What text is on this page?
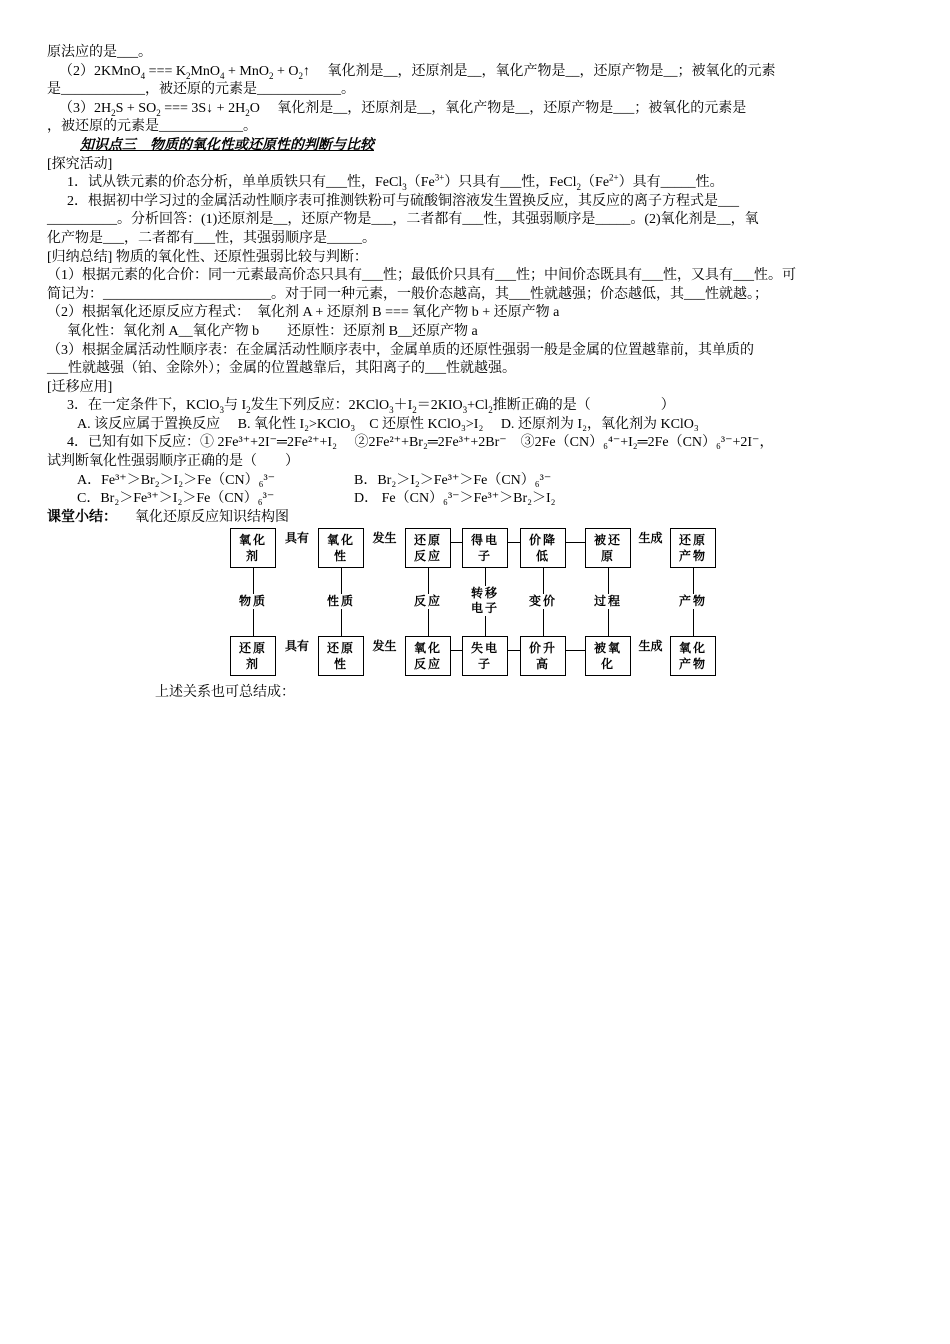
原法应的是___。
（2）2KMnO$_4$ === $K_2MnO_4 + MnO_2$ + $O_2↑$　 氧化剂是__，还原剂是__，氧化产物是__，还原产物是__；被氧化的元素
是____________，被还原的元素是____________。
$(3)2H_2S + SO_2$ === 3S↓ + $2H_2O$　 氧化剂是__，还原剂是__，氧化产物是__，还原产物是___；被氧化的元素是
，被还原的元素是____________。
知识点三　物质的氧化性或还原性的判断与比较
[探究活动]
1．试从铁元素的价态分析，单单质铁只有___性，$FeCl_3(Fe^{3+})$只具有___性，$FeCl_2(Fe^{2+})$具有_____性。
2．根据初中学习过的金属活动性顺序表可推测铁粉可与硫酸铜溶液发生置换反应，其反应的离子方程式是___
__________。分析回答：(1)还原剂是__，还原产物是___，二者都有___性，其强弱顺序是_____。(2)氧化剂是__，氧
化产物是___，二者都有___性，其强弱顺序是_____。
[归纳总结] 物质的氧化性、还原性强弱比较与判断：
（1）根据元素的化合价：同一元素最高价态只具有___性；最低价只具有___性；中间价态既具有___性，又具有___性。可
简记为：________________________。对于同一种元素，一般价态越高，其___性就越强；价态越低，其___性就越。；
（2）根据氧化还原反应方程式：　氧化剂 A + 还原剂 B === 氧化产物 b + 还原产物 a
氧化性：氧化剂 A__氧化产物 b　　还原性：还原剂 B__还原产物 a
（3）根据金属活动性顺序表：在金属活动性顺序表中，金属单质的还原性强弱一般是金属的位置越靠前，其单质的
___性就越强（铂、金除外）；金属的位置越靠后，其阳离子的___性就越强。
[迁移应用]
3．在一定条件下，KClO$_3$与 $I_2$发生下列反应：$2KClO_3+I_2=2KIO_3+Cl_2$推断正确的是（　　　　　）
A. 该反应属于置换反应　 B. 氧化性 I₂>KClO₃　C 还原性 KClO₃>I₂　 D. 还原剂为 I₂，氧化剂为 KClO₃
4．已知有如下反应：① 2Fe³⁺+2I⁻═2Fe²⁺+I₂　 ②2Fe²⁺+Br₂═2Fe³⁺+2Br⁻　③2Fe（CN）₆⁴⁻+I₂═2Fe（CN）₆³⁻+2I⁻，
试判断氧化性强弱顺序正确的是（　　）
A．Fe³⁺＞Br₂＞I₂＞Fe（CN）₆³⁻	B．Br₂＞I₂＞Fe³⁺＞Fe（CN）₆³⁻
C．Br₂＞Fe³⁺＞I₂＞Fe（CN）₆³⁻	D． Fe（CN）₆³⁻＞Fe³⁺＞Br₂＞I₂
课堂小结： 氧化还原反应知识结构图
氧化
剂
还原
剂
物质
具有
具有
氧化
性
还原
性
性质
发生
发生
还原
反应
氧化
反应
反应
得电
子
失电
子
转移
电子
价降
低
价升
高
变价
被还
原
被氧
化
过程
生成
生成
还原
产物
氧化
产物
产物
上述关系也可总结成：
